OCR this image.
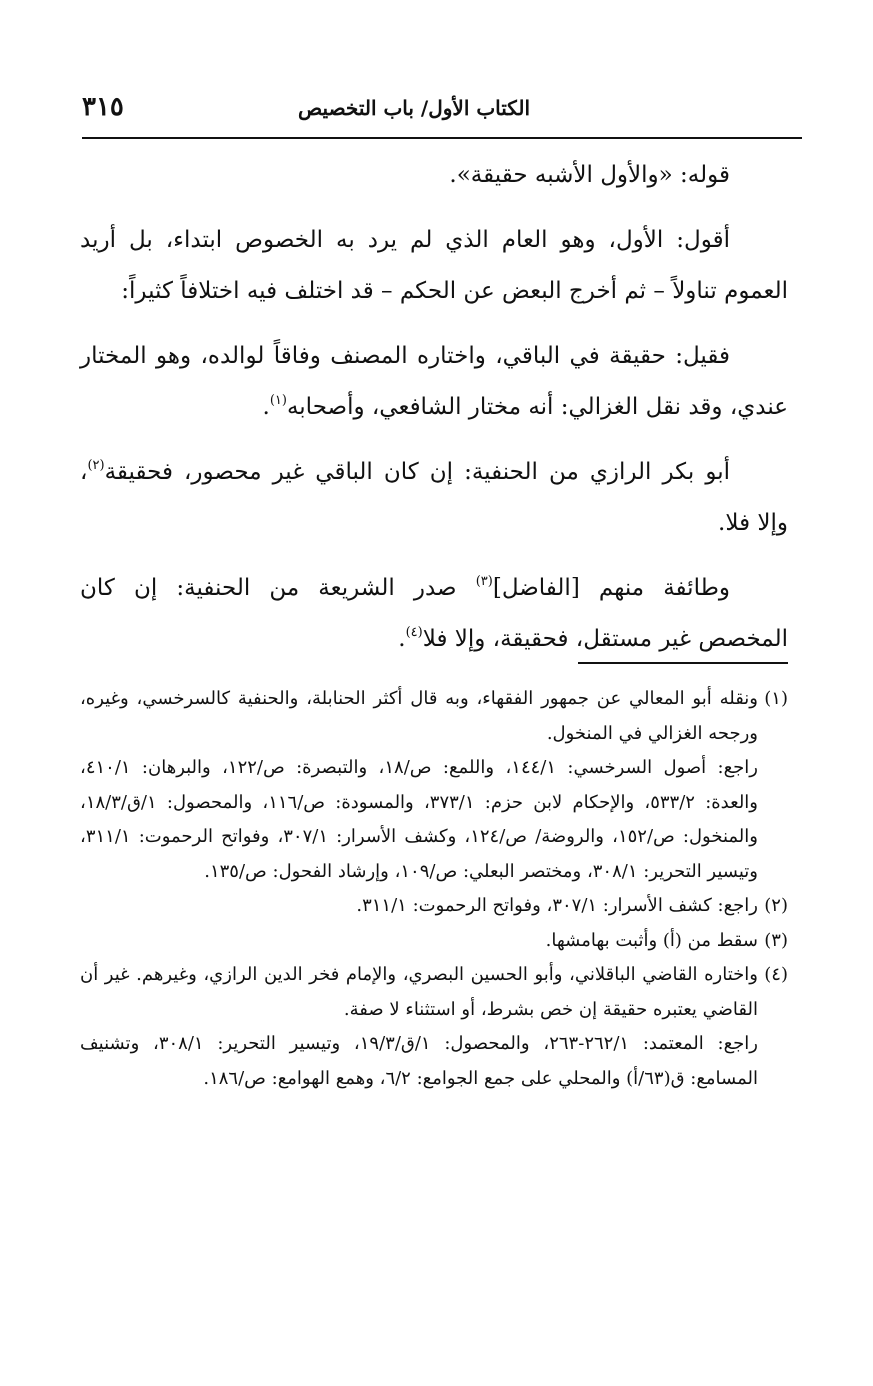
٣١٥	الكتاب الأول/ باب التخصيص

قوله: «والأول الأشبه حقيقة».

أقول: الأول، وهو العام الذي لم يرد به الخصوص ابتداء، بل أريد العموم تناولاً – ثم أخرج البعض عن الحكم – قد اختلف فيه اختلافاً كثيراً:

فقيل: حقيقة في الباقي، واختاره المصنف وفاقاً لوالده، وهو المختار عندي، وقد نقل الغزالي: أنه مختار الشافعي، وأصحابه$^{(١)}$.

أبو بكر الرازي من الحنفية: إن كان الباقي غير محصور، فحقيقة$^{(٢)}$، وإلا فلا.

وطائفة منهم [الفاضل]$^{(٣)}$ صدر الشريعة من الحنفية: إن كان المخصص غير مستقل، فحقيقة، وإلا فلا$^{(٤)}$.

(١)

ونقله أبو المعالي عن جمهور الفقهاء، وبه قال أكثر الحنابلة، والحنفية كالسرخسي، وغيره، ورجحه الغزالي في المنخول.

راجع: أصول السرخسي: ١٤٤/١، واللمع: ص/١٨، والتبصرة: ص/١٢٢، والبرهان: ٤١٠/١، والعدة: ٥٣٣/٢، والإحكام لابن حزم: ٣٧٣/١، والمسودة: ص/١١٦، والمحصول: ١/ق/١٨/٣، والمنخول: ص/١٥٢، والروضة/ ص/١٢٤، وكشف الأسرار: ٣٠٧/١، وفواتح الرحموت: ٣١١/١، وتيسير التحرير: ٣٠٨/١، ومختصر البعلي: ص/١٠٩، وإرشاد الفحول: ص/١٣٥.

(٢)

راجع: كشف الأسرار: ٣٠٧/١، وفواتح الرحموت: ٣١١/١.

(٣)

سقط من (أ) وأثبت بهامشها.

(٤)

واختاره القاضي الباقلاني، وأبو الحسين البصري، والإمام فخر الدين الرازي، وغيرهم. غير أن القاضي يعتبره حقيقة إن خص بشرط، أو استثناء لا صفة.

راجع: المعتمد: ٢٦٢/١-٢٦٣، والمحصول: ١/ق/١٩/٣، وتيسير التحرير: ٣٠٨/١، وتشنيف المسامع: ق(٦٣/أ) والمحلي على جمع الجوامع: ٦/٢، وهمع الهوامع: ص/١٨٦.
